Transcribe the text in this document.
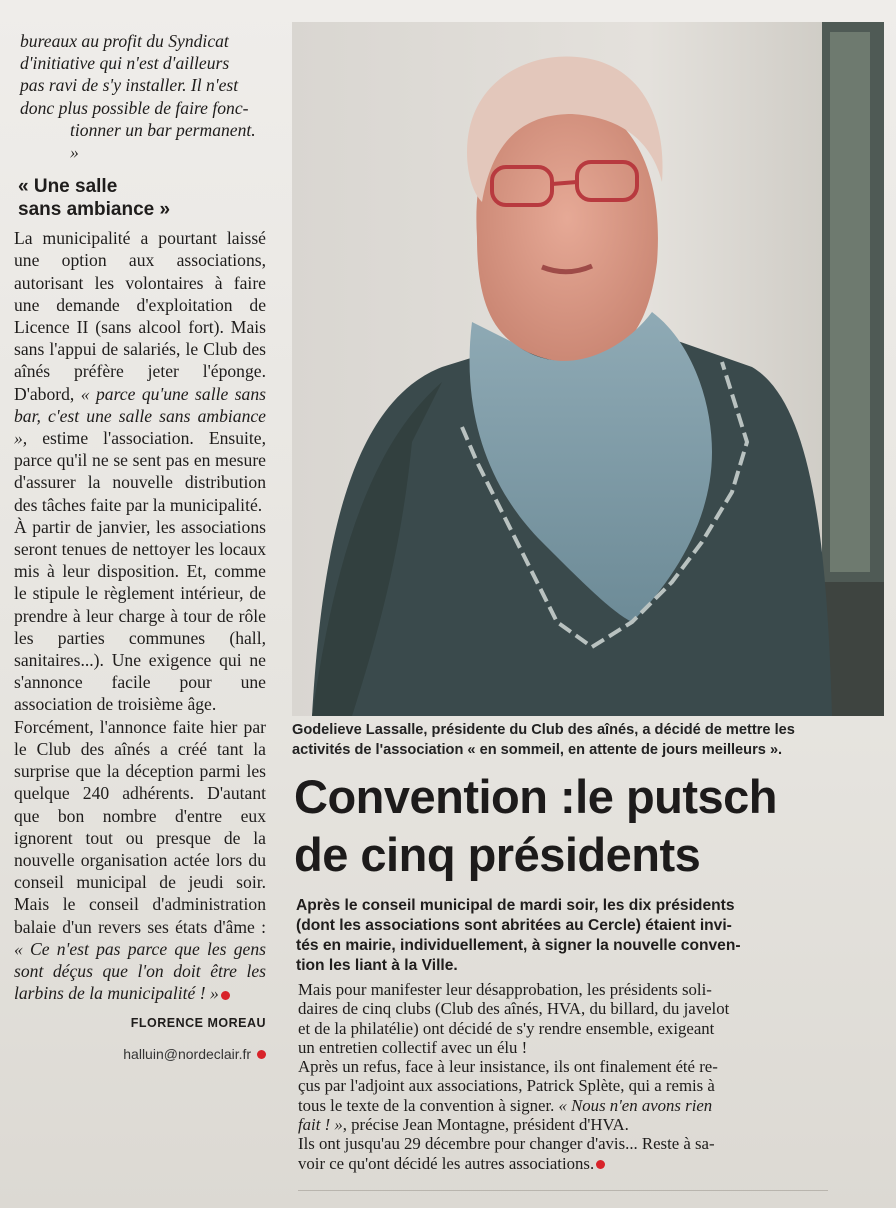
bureaux au profit du Syndicat
d'initiative qui n'est d'ailleurs
pas ravi de s'y installer. Il n'est
donc plus possible de faire fonc-
tionner un bar permanent. »

« Une salle
sans ambiance »

La municipalité a pourtant laissé une option aux associations, autorisant les volontaires à faire une demande d'exploitation de Licence II (sans alcool fort). Mais sans l'appui de salariés, le Club des aînés préfère jeter l'éponge. D'abord, « parce qu'une salle sans bar, c'est une salle sans ambiance », estime l'association. Ensuite, parce qu'il ne se sent pas en mesure d'assurer la nouvelle distribution des tâches faite par la municipalité.

À partir de janvier, les associations seront tenues de nettoyer les locaux mis à leur disposition. Et, comme le stipule le règlement intérieur, de prendre à leur charge à tour de rôle les parties communes (hall, sanitaires...). Une exigence qui ne s'annonce facile pour une association de troisième âge.

Forcément, l'annonce faite hier par le Club des aînés a créé tant la surprise que la déception parmi les quelque 240 adhérents. D'autant que bon nombre d'entre eux ignorent tout ou presque de la nouvelle organisation actée lors du conseil municipal de jeudi soir. Mais le conseil d'administration balaie d'un revers ses états d'âme : « Ce n'est pas parce que les gens sont déçus que l'on doit être les larbins de la municipalité ! »

FLORENCE MOREAU
halluin@nordeclair.fr
Godelieve Lassalle, présidente du Club des aînés, a décidé de mettre les
activités de l'association « en sommeil, en attente de jours meilleurs ».
Convention :le putsch
de cinq présidents
Après le conseil municipal de mardi soir, les dix présidents
(dont les associations sont abritées au Cercle) étaient invi-
tés en mairie, individuellement, à signer la nouvelle conven-
tion les liant à la Ville.
Mais pour manifester leur désapprobation, les présidents soli-
daires de cinq clubs (Club des aînés, HVA, du billard, du javelot
et de la philatélie) ont décidé de s'y rendre ensemble, exigeant
un entretien collectif avec un élu !
Après un refus, face à leur insistance, ils ont finalement été re-
çus par l'adjoint aux associations, Patrick Splète, qui a remis à
tous le texte de la convention à signer. « Nous n'en avons rien
fait ! », précise Jean Montagne, président d'HVA.
Ils ont jusqu'au 29 décembre pour changer d'avis... Reste à sa-
voir ce qu'ont décidé les autres associations.
